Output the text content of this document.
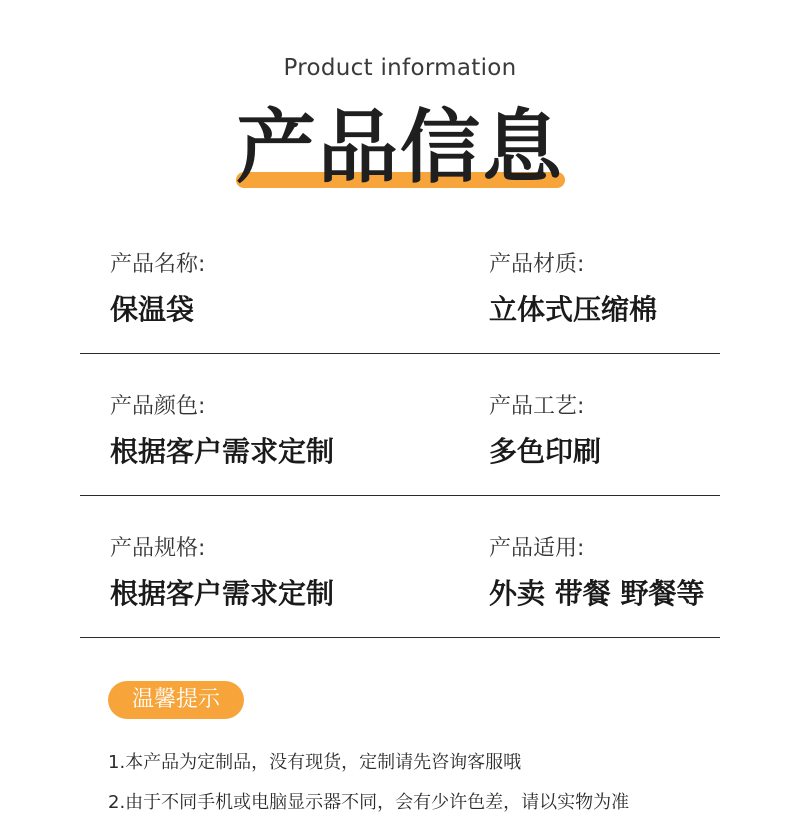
Product information
产品信息
产品名称:
保温袋
产品材质:
立体式压缩棉
产品颜色:
根据客户需求定制
产品工艺:
多色印刷
产品规格:
根据客户需求定制
产品适用:
外卖 带餐 野餐等
温馨提示
1.本产品为定制品，没有现货，定制请先咨询客服哦
2.由于不同手机或电脑显示器不同，会有少许色差，请以实物为准
